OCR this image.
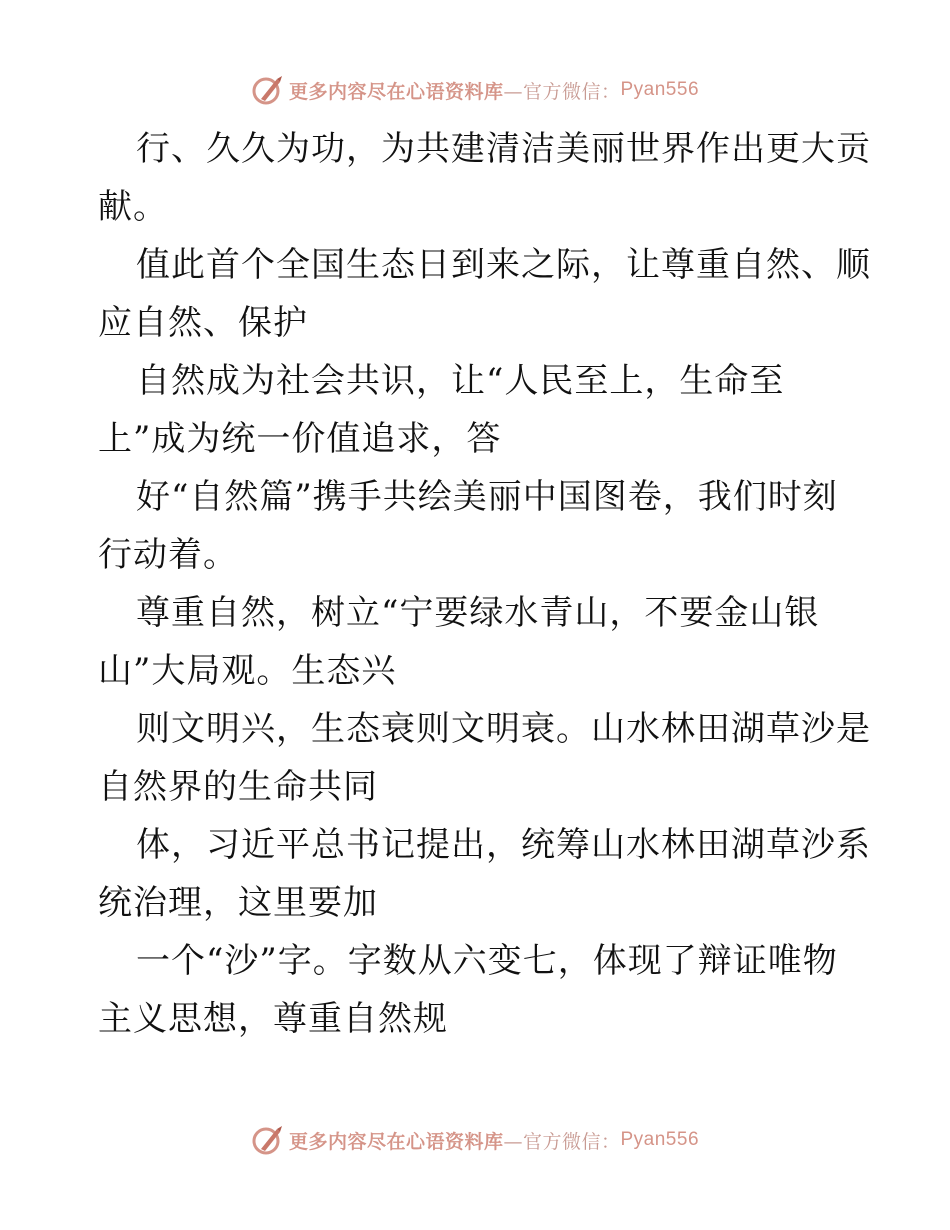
更多内容尽在心语资料库 —官方微信： Pyan556
行、久久为功，为共建清洁美丽世界作出更大贡
献。
值此首个全国生态日到来之际，让尊重自然、顺
应自然、保护
自然成为社会共识，让“人民至上，生命至
上”成为统一价值追求，答
好“自然篇”携手共绘美丽中国图卷，我们时刻
行动着。
尊重自然，树立“宁要绿水青山，不要金山银
山”大局观。生态兴
则文明兴，生态衰则文明衰。山水林田湖草沙是
自然界的生命共同
体，习近平总书记提出，统筹山水林田湖草沙系
统治理，这里要加
一个“沙”字。字数从六变七，体现了辩证唯物
主义思想，尊重自然规
更多内容尽在心语资料库 —官方微信： Pyan556
